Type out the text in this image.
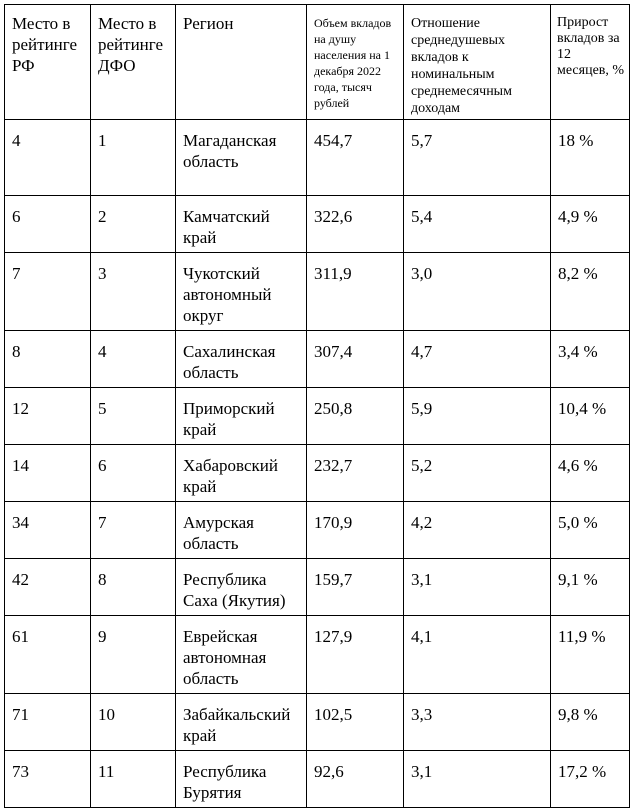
Место в рейтинге РФ	Место в рейтинге ДФО	Регион	Объем вкладов на душу населения на 1 декабря 2022 года, тысяч рублей	Отношение среднедушевых вкладов к номинальным среднемесячным доходам	Прирост вкладов за 12 месяцев, %
4	1	Магаданская область	454,7	5,7	18 %
6	2	Камчатский край	322,6	5,4	4,9 %
7	3	Чукотский автономный округ	311,9	3,0	8,2 %
8	4	Сахалинская область	307,4	4,7	3,4 %
12	5	Приморский край	250,8	5,9	10,4 %
14	6	Хабаровский край	232,7	5,2	4,6 %
34	7	Амурская область	170,9	4,2	5,0 %
42	8	Республика Саха (Якутия)	159,7	3,1	9,1 %
61	9	Еврейская автономная область	127,9	4,1	11,9 %
71	10	Забайкальский край	102,5	3,3	9,8 %
73	11	Республика Бурятия	92,6	3,1	17,2 %
